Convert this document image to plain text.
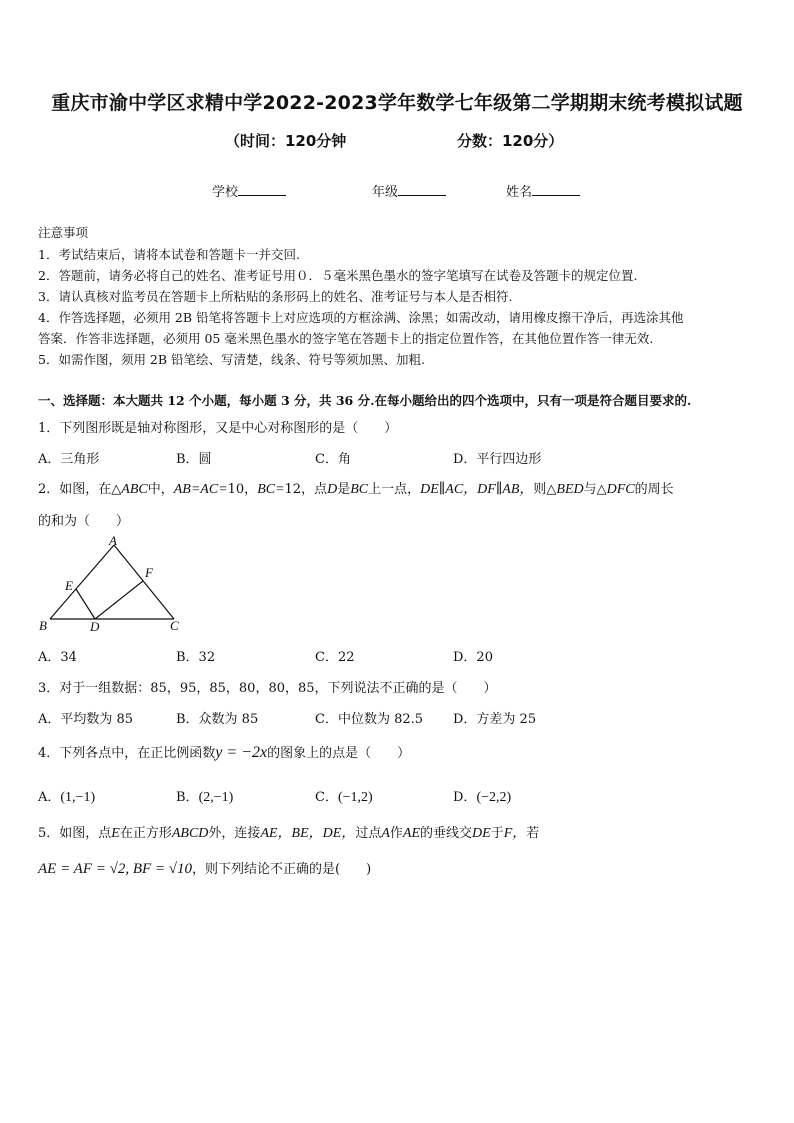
重庆市渝中学区求精中学2022-2023学年数学七年级第二学期期末统考模拟试题
（时间：120分钟	分数：120分）
学校	年级	姓名
注意事项
1．考试结束后，请将本试卷和答题卡一并交回.
2．答题前，请务必将自己的姓名、准考证号用０．５毫米黑色墨水的签字笔填写在试卷及答题卡的规定位置.
3．请认真核对监考员在答题卡上所粘贴的条形码上的姓名、准考证号与本人是否相符.
4．作答选择题，必须用 2B 铅笔将答题卡上对应选项的方框涂满、涂黑；如需改动，请用橡皮擦干净后，再选涂其他
答案．作答非选择题，必须用 05 毫米黑色墨水的签字笔在答题卡上的指定位置作答，在其他位置作答一律无效.
5．如需作图，须用 2B 铅笔绘、写清楚，线条、符号等须加黑、加粗.
一、选择题：本大题共 12 个小题，每小题 3 分，共 36 分.在每小题给出的四个选项中，只有一项是符合题目要求的.
1．下列图形既是轴对称图形，又是中心对称图形的是（　　）
A．三角形	B．圆	C．角	D．平行四边形
2．如图，在△ABC中，AB=AC=10，BC=12，点D是BC上一点，DE∥AC，DF∥AB，则△BED与△DFC的周长
的和为（　　）
A
B	C
D
E
F
A．34	B．32	C．22	D．20
3．对于一组数据：85，95，85，80，80，85，下列说法不正确的是（　　）
A．平均数为 85	B．众数为 85	C．中位数为 82.5 D．方差为 25
4．下列各点中，在正比例函数y = −2x的图象上的点是（　　）
A．(1,−1)	B．(2,−1)	C．(−1,2)	D．(−2,2)
5．如图，点E在正方形ABCD外，连接AE，BE，DE，过点A作AE的垂线交DE于F，若
AE = AF = √2, BF = √10，则下列结论不正确的是(　　)
